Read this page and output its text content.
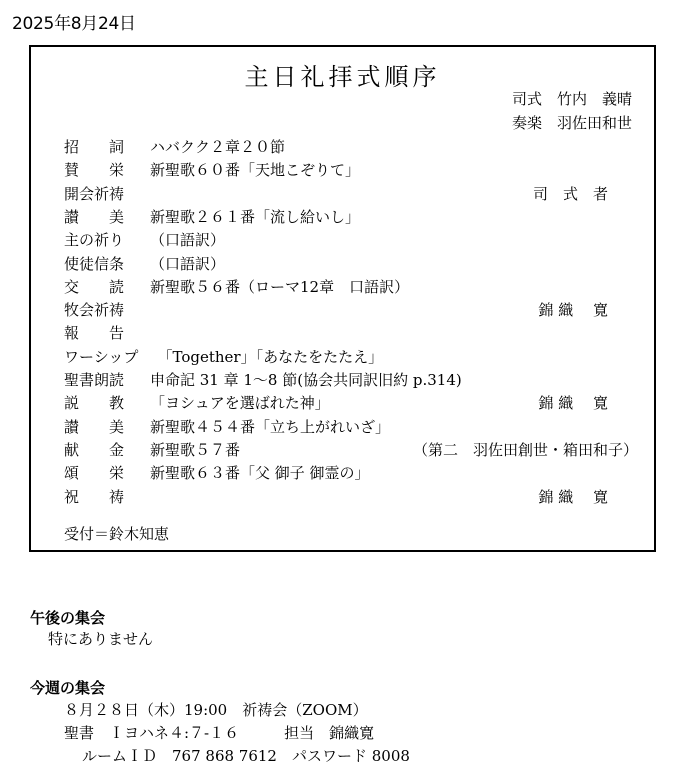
2025年8月24日
主日礼拝式順序
司式　竹内　義晴
奏楽　羽佐田和世
招　　詞 ハバクク２章２０節
賛　　栄 新聖歌６０番「天地こぞりて」
開会祈祷	司　式　者
讃　　美 新聖歌２６１番「流し給いし」
主の祈り （口語訳）
使徒信条 （口語訳）
交　　読 新聖歌５６番（ローマ12章　口語訳）
牧会祈祷	錦 織　 寛
報　　告
ワーシップ 　「Together」「あなたをたたえ」
聖書朗読 申命記 31 章 1〜8 節(協会共同訳旧約 p.314)
説　　教 「ヨシュアを選ばれた神」	錦 織　 寛
讃　　美 新聖歌４５４番「立ち上がれいざ」
献　　金 新聖歌５７番	（第二　羽佐田創世・箱田和子）
頌　　栄 新聖歌６３番「父 御子 御霊の」
祝　　祷	錦 織　 寛
受付＝鈴木知恵
午後の集会
特にありません
今週の集会
８月２８日（木）19:00　祈祷会（ZOOM）
聖書　Ｉヨハネ４:７-１６　　　担当　錦織寛
ルームＩＤ　767 868 7612　パスワード 8008
